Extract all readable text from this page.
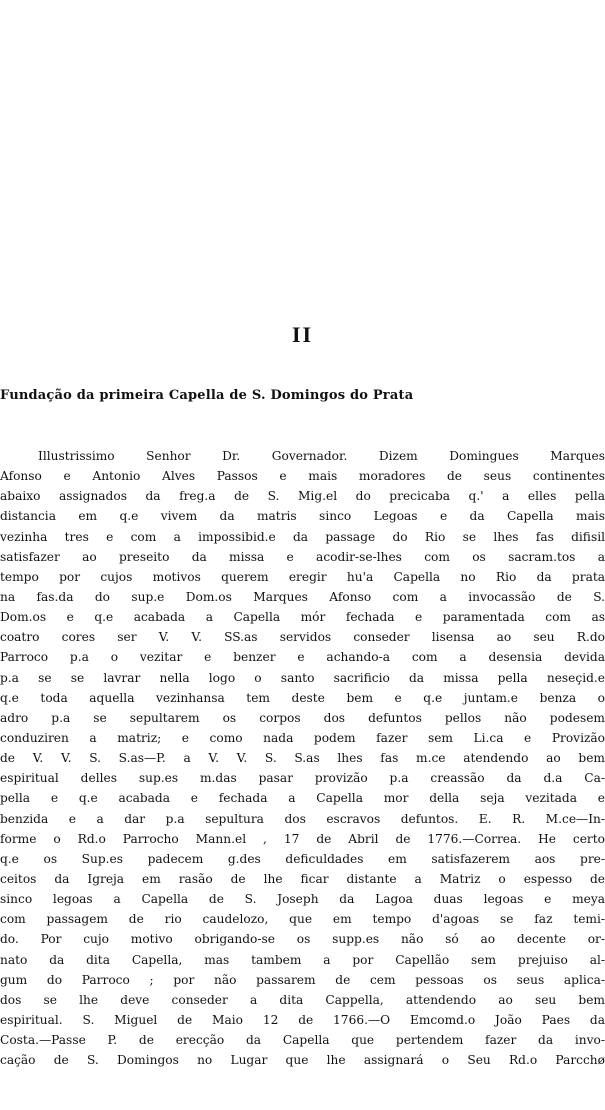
II
Fundação da primeira Capella de S. Domingos do Prata
Illustrissimo Senhor Dr. Governador. Dizem Domingues Marques
Afonso e Antonio Alves Passos e mais moradores de seus continentes
abaixo assignados da freg.a de S. Mig.el do precicaba q.' a elles pella
distancia em q.e vivem da matris sinco Legoas e da Capella mais
vezinha tres e com a impossibid.e da passage do Rio se lhes fas difisil
satisfazer ao preseito da missa e acodir-se-lhes com os sacram.tos a
tempo por cujos motivos querem eregir hu'a Capella no Rio da prata
na fas.da do sup.e Dom.os Marques Afonso com a invocassão de S.
Dom.os e q.e acabada a Capella mór fechada e paramentada com as
coatro cores ser V. V. SS.as servidos conseder lisensa ao seu R.do
Parroco p.a o vezitar e benzer e achando-a com a desensia devida
p.a se se lavrar nella logo o santo sacrificio da missa pella neseçid.e
q.e toda aquella vezinhansa tem deste bem e q.e juntam.e benza o
adro p.a se sepultarem os corpos dos defuntos pellos não podesem
conduziren a matriz; e como nada podem fazer sem Li.ca e Provizão
de V. V. S. S.as—P. a V. V. S. S.as lhes fas m.ce atendendo ao bem
espiritual delles sup.es m.das pasar provizão p.a creassão da d.a Ca-
pella e q.e acabada e fechada a Capella mor della seja vezitada e
benzida e a dar p.a sepultura dos escravos defuntos. E. R. M.ce—In-
forme o Rd.o Parrocho Mann.el , 17 de Abril de 1776.—Correa. He certo
q.e os Sup.es padecem g.des deficuldades em satisfazerem aos pre-
ceitos da Igreja em rasão de lhe ficar distante a Matriz o espesso de
sinco legoas a Capella de S. Joseph da Lagoa duas legoas e meya
com passagem de rio caudelozo, que em tempo d'agoas se faz temi-
do. Por cujo motivo obrigando-se os supp.es não só ao decente or-
nato da dita Capella, mas tambem a por Capellão sem prejuiso al-
gum do Parroco ; por não passarem de cem pessoas os seus aplica-
dos se lhe deve conseder a dita Cappella, attendendo ao seu bem
espiritual. S. Miguel de Maio 12 de 1766.—O Emcomd.o João Paes da
Costa.—Passe P. de erecção da Capella que pertendem fazer da invo-
cação de S. Domingos no Lugar que lhe assignará o Seu Rd.o Parcchø
